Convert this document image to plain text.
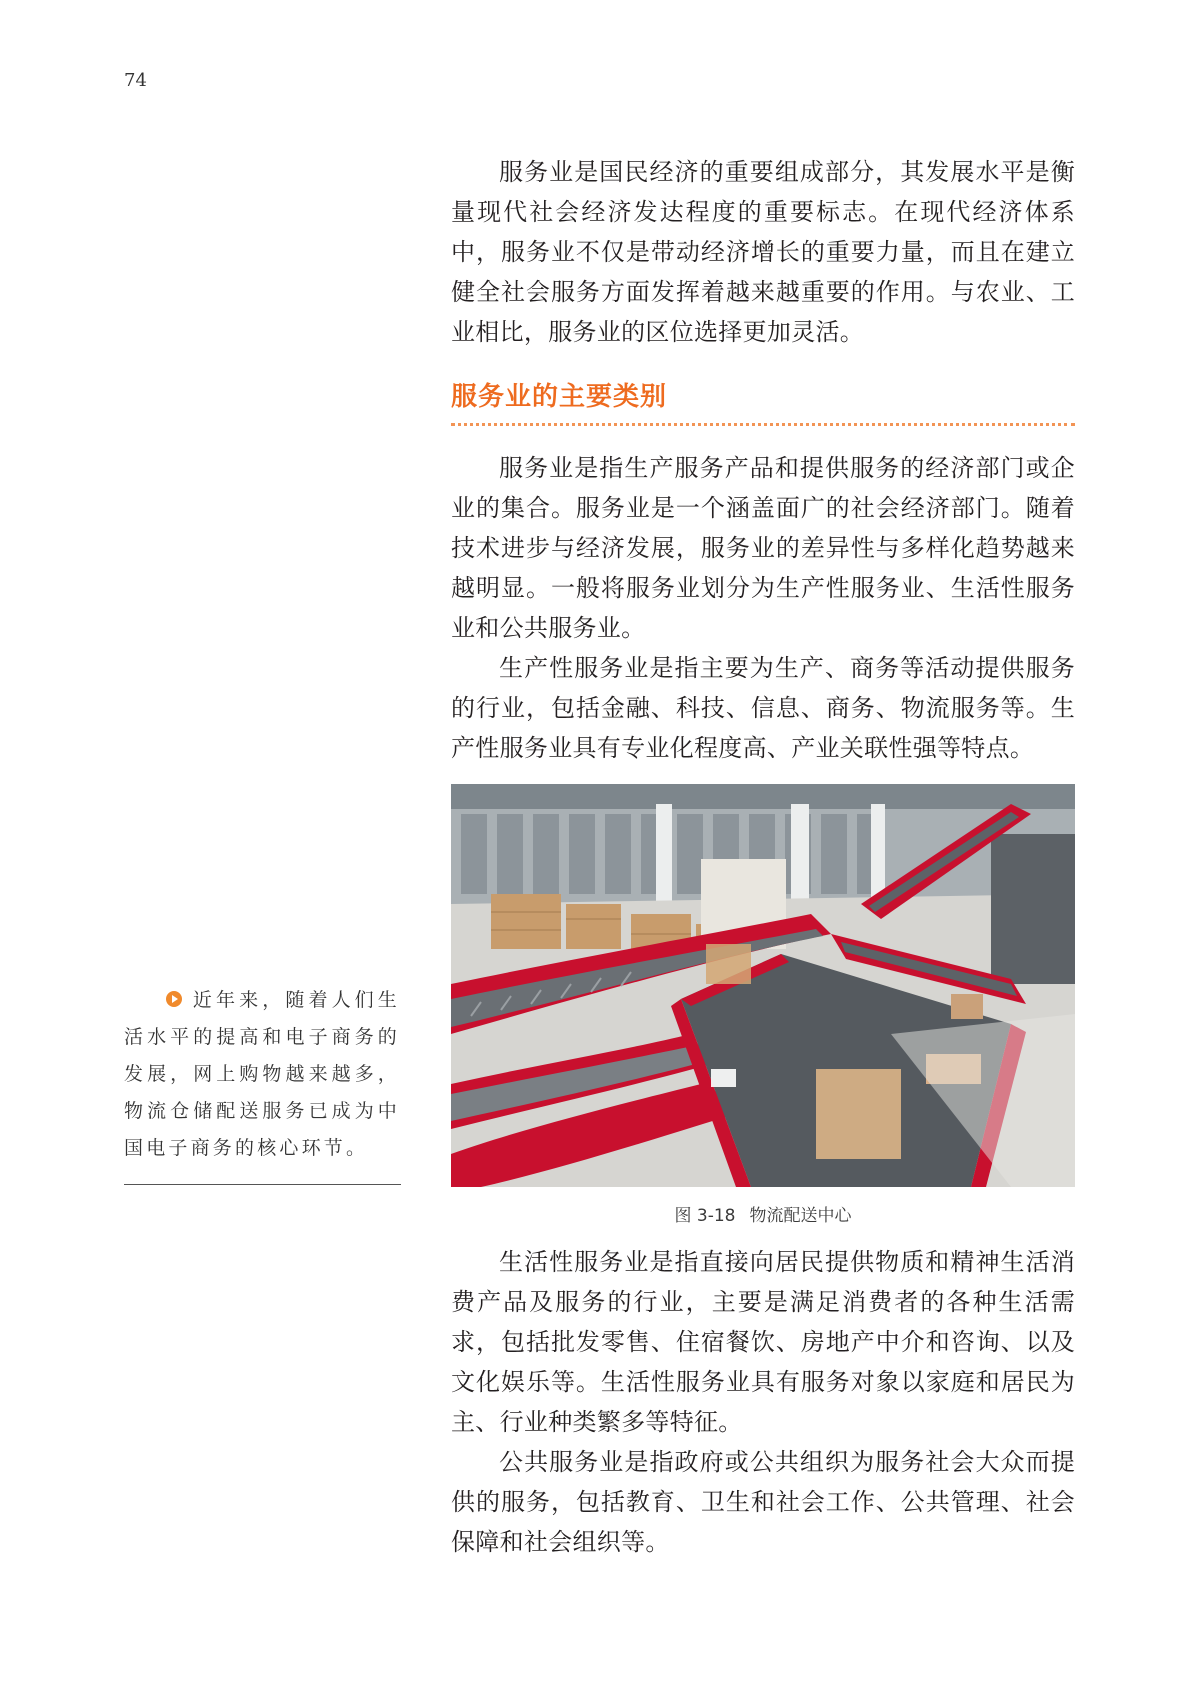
74

服务业是国民经济的重要组成部分，其发展水平是衡量现代社会经济发达程度的重要标志。在现代经济体系中，服务业不仅是带动经济增长的重要力量，而且在建立健全社会服务方面发挥着越来越重要的作用。与农业、工业相比，服务业的区位选择更加灵活。

服务业的主要类别

服务业是指生产服务产品和提供服务的经济部门或企业的集合。服务业是一个涵盖面广的社会经济部门。随着技术进步与经济发展，服务业的差异性与多样化趋势越来越明显。一般将服务业划分为生产性服务业、生活性服务业和公共服务业。

生产性服务业是指主要为生产、商务等活动提供服务的行业，包括金融、科技、信息、商务、物流服务等。生产性服务业具有专业化程度高、产业关联性强等特点。

图 3-18 物流配送中心

生活性服务业是指直接向居民提供物质和精神生活消费产品及服务的行业，主要是满足消费者的各种生活需求，包括批发零售、住宿餐饮、房地产中介和咨询、以及文化娱乐等。生活性服务业具有服务对象以家庭和居民为主、行业种类繁多等特征。

公共服务业是指政府或公共组织为服务社会大众而提供的服务，包括教育、卫生和社会工作、公共管理、社会保障和社会组织等。

近年来，随着人们生活水平的提高和电子商务的发展，网上购物越来越多，物流仓储配送服务已成为中国电子商务的核心环节。
